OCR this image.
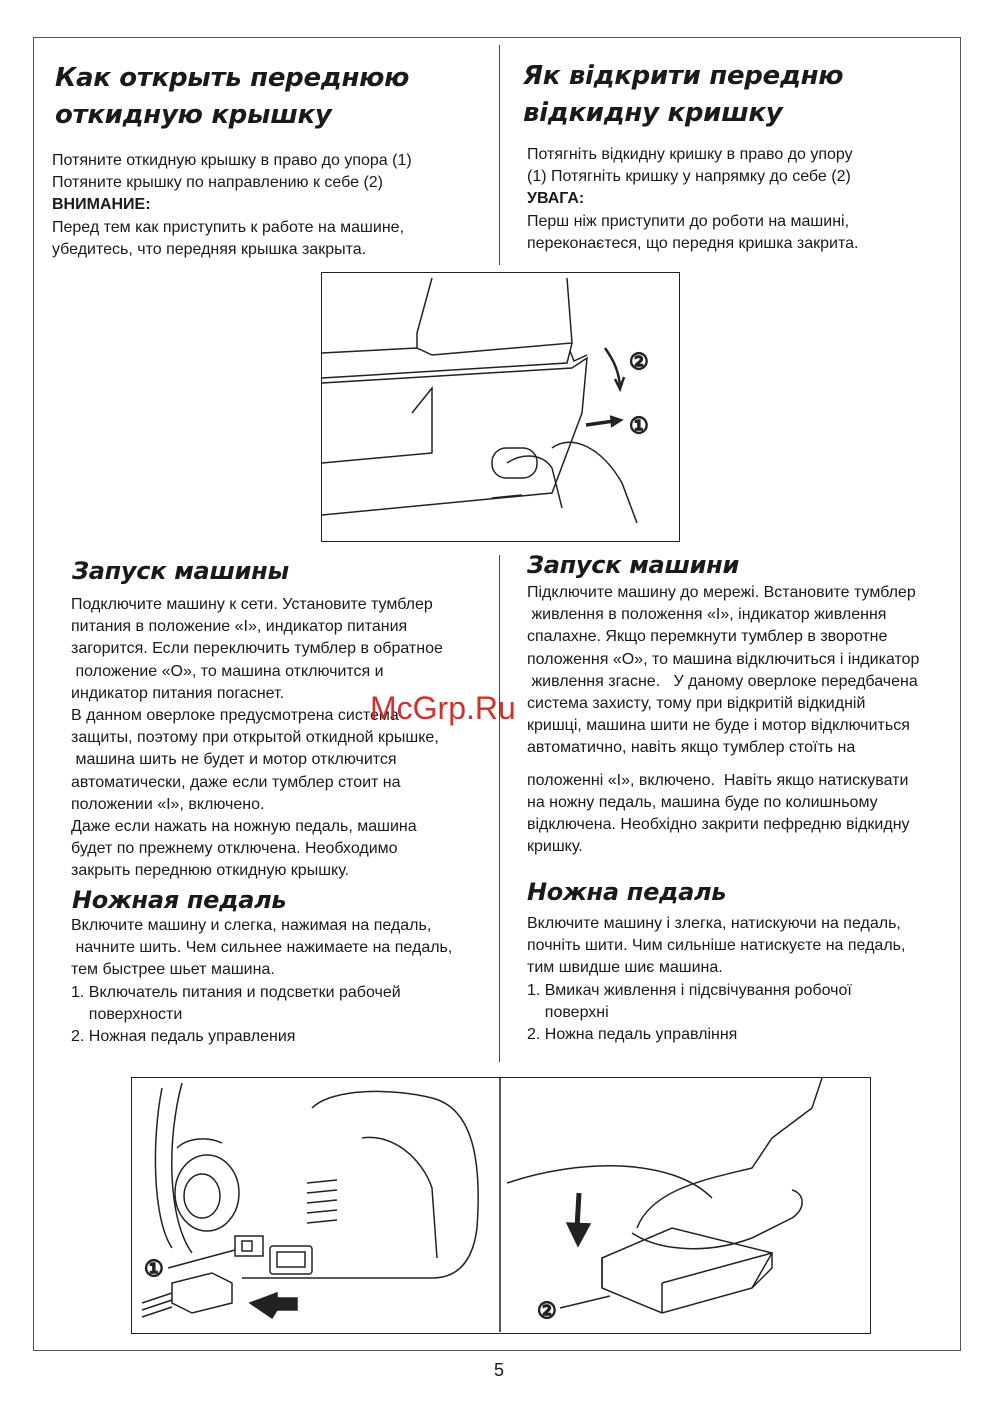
Как открыть переднюю
откидную крышку
Потяните откидную крышку в право до упора (1)
Потяните крышку по направлению к себе (2)
ВНИМАНИЕ:
Перед тем как приступить к работе на машине,
убедитесь, что передняя крышка закрыта.
Як відкрити передню
відкидну кришку
Потягніть відкидну кришку в право до упору
(1) Потягніть кришку у напрямку до себе (2)
УВАГА:
Перш ніж приступити до роботи на машині,
переконаєтеся, що передня кришка закрита.
②
①
Запуск машины
Подключите машину к сети. Установите тумблер
питания в положение «I», индикатор питания
загорится. Если переключить тумблер в обратное
положение «O», то машина отключится и
индикатор питания погаснет.
В данном оверлоке предусмотрена система
защиты, поэтому при открытой откидной крышке,
машина шить не будет и мотор отключится
автоматически, даже если тумблер стоит на
положении «I», включено.
Даже если нажать на ножную педаль, машина
будет по прежнему отключена. Необходимо
закрыть переднюю откидную крышку.
Ножная педаль
Включите машину и слегка, нажимая на педаль,
начните шить. Чем сильнее нажимаете на педаль,
тем быстрее шьет машина.
1. Включатель питания и подсветки рабочей
поверхности
2. Ножная педаль управления
Запуск машини
Підключите машину до мережі. Встановите тумблер
живлення в положення «I», індикатор живлення
спалахне. Якщо перемкнути тумблер в зворотне
положення «O», то машина відключиться і індикатор
живлення згасне.   У даному оверлоке передбачена
система захисту, тому при відкритій відкидній
кришці, машина шити не буде і мотор відключиться
автоматично, навіть якщо тумблер стоїть на
положенні «I», включено.  Навіть якщо натискувати
на ножну педаль, машина буде по колишньому
відключена. Необхідно закрити пефредню відкидну
кришку.
Ножна педаль
Включите машину і злегка, натискуючи на педаль,
почніть шити. Чим сильніше натискуєте на педаль,
тим швидше шиє машина.
1. Вмикач живлення і підсвічування робочої
поверхні
2. Ножна педаль управління
①
②
McGrp.Ru
5
